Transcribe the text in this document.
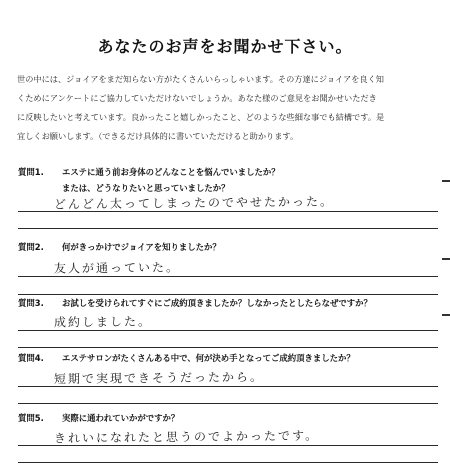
あなたのお声をお聞かせ下さい。
世の中には、ジョイアをまだ知らない方がたくさんいらっしゃいます。その方達にジョイアを良く知
くためにアンケートにご協力していただけないでしょうか。あなた様のご意見をお聞かせいただき
に反映したいと考えています。良かったこと嬉しかったこと、どのような些細な事でも結構です。是
宜しくお願いします。（できるだけ具体的に書いていただけると助かります。
質問1. エステに通う前お身体のどんなことを悩んでいましたか？
または、どうなりたいと思っていましたか？
どんどん太ってしまったのでやせたかった。
質問2. 何がきっかけでジョイアを知りましたか？
友人が通っていた。
質問3. お試しを受けられてすぐにご成約頂きましたか？しなかったとしたらなぜですか？
成約しました。
質問4. エステサロンがたくさんある中で、何が決め手となってご成約頂きましたか？
短期で実現できそうだったから。
質問5. 実際に通われていかがですか？
きれいになれたと思うのでよかったです。
